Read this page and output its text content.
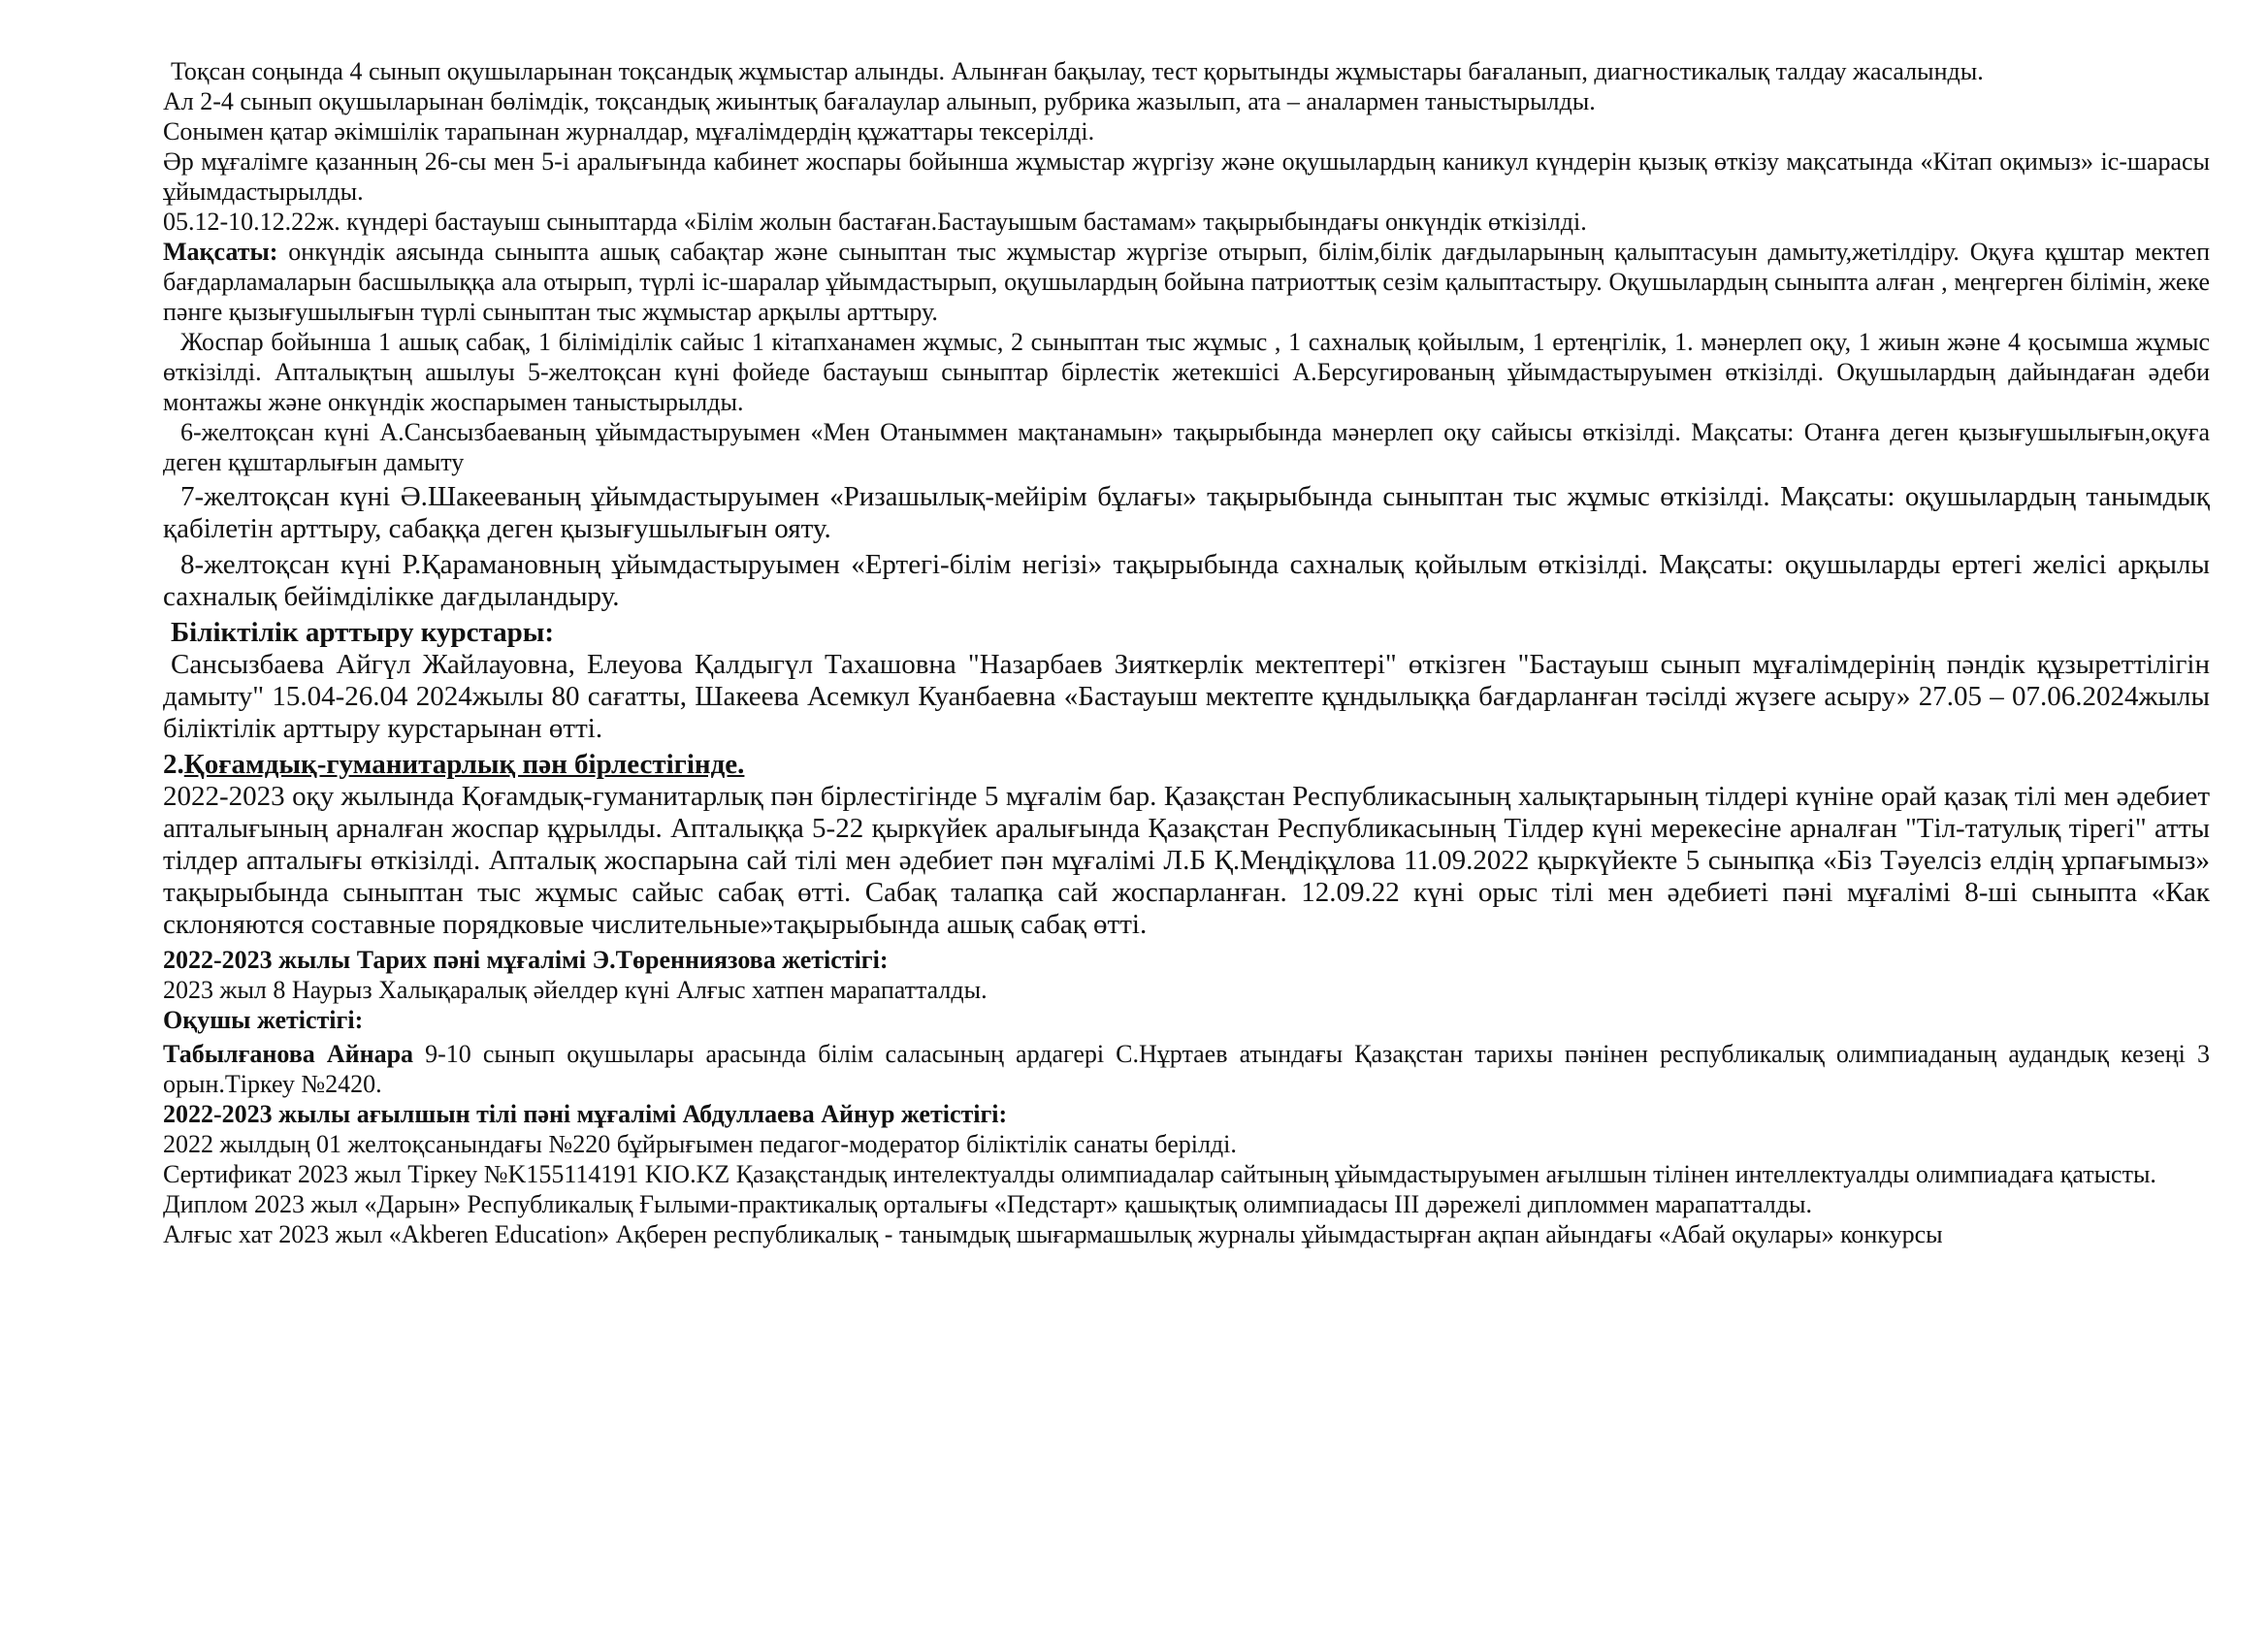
Тоқсан соңында 4 сынып оқушыларынан тоқсандық жұмыстар алынды. Алынған бақылау, тест қорытынды жұмыстары бағаланып, диагностикалық талдау жасалынды.

Ал 2-4 сынып оқушыларынан бөлімдік, тоқсандық жиынтық бағалаулар алынып, рубрика жазылып, ата – аналармен таныстырылды.

Сонымен қатар әкімшілік тарапынан журналдар, мұғалімдердің құжаттары тексерілді.

Әр мұғалімге қазанның 26-сы мен 5-і аралығында кабинет жоспары бойынша жұмыстар жүргізу және оқушылардың каникул күндерін қызық өткізу мақсатында «Кітап оқимыз» іс-шарасы ұйымдастырылды.

05.12-10.12.22ж. күндері бастауыш сыныптарда «Білім жолын бастаған.Бастауышым бастамам» тақырыбындағы онкүндік өткізілді.

Мақсаты: онкүндік аясында сыныпта ашық сабақтар және сыныптан тыс жұмыстар жүргізе отырып, білім,білік дағдыларының қалыптасуын дамыту,жетілдіру. Оқуға құштар мектеп бағдарламаларын басшылыққа ала отырып, түрлі іс-шаралар ұйымдастырып, оқушылардың бойына патриоттық сезім қалыптастыру. Оқушылардың сыныпта алған , меңгерген білімін, жеке пәнге қызығушылығын түрлі сыныптан тыс жұмыстар арқылы арттыру.

Жоспар бойынша 1 ашық сабақ, 1 біліміділік сайыс 1 кітапханамен жұмыс, 2 сыныптан тыс жұмыс , 1 сахналық қойылым, 1 ертеңгілік, 1. мәнерлеп оқу, 1 жиын және 4 қосымша жұмыс өткізілді. Апталықтың ашылуы 5-желтоқсан күні фойеде бастауыш сыныптар бірлестік жетекшісі А.Берсугированың ұйымдастыруымен өткізілді. Оқушылардың дайындаған әдеби монтажы және онкүндік жоспарымен таныстырылды.

6-желтоқсан күні А.Сансызбаеваның ұйымдастыруымен «Мен Отаныммен мақтанамын» тақырыбында мәнерлеп оқу сайысы өткізілді. Мақсаты: Отанға деген қызығушылығын,оқуға деген құштарлығын дамыту

7-желтоқсан күні Ә.Шакееваның ұйымдастыруымен «Ризашылық-мейірім бұлағы» тақырыбында сыныптан тыс жұмыс өткізілді. Мақсаты: оқушылардың танымдық қабілетін арттыру, сабаққа деген қызығушылығын ояту.

8-желтоқсан күні Р.Қарамановның ұйымдастыруымен «Ертегі-білім негізі» тақырыбында сахналық қойылым өткізілді. Мақсаты: оқушыларды ертегі желісі арқылы сахналық бейімділікке дағдыландыру.

Біліктілік арттыру курстары:

Сансызбаева Айгүл Жайлауовна, Елеуова Қалдыгүл Тахашовна "Назарбаев Зияткерлік мектептері" өткізген "Бастауыш сынып мұғалімдерінің пәндік құзыреттілігін дамыту" 15.04-26.04 2024жылы 80 сағатты, Шакеева Асемкул Куанбаевна «Бастауыш мектепте құндылыққа бағдарланған тәсілді жүзеге асыру» 27.05 – 07.06.2024жылы біліктілік арттыру курстарынан өтті.

2.Қоғамдық-гуманитарлық пән бірлестігінде.

2022-2023 оқу жылында Қоғамдық-гуманитарлық пән бірлестігінде 5 мұғалім бар. Қазақстан Республикасының халықтарының тілдері күніне орай қазақ тілі мен әдебиет апталығының арналған жоспар құрылды. Апталыққа 5-22 қыркүйек аралығында Қазақстан Республикасының Тілдер күні мерекесіне арналған "Тіл-татулық тірегі" атты тілдер апталығы өткізілді. Апталық жоспарына сай тілі мен әдебиет пән мұғалімі Л.Б Қ.Меңдіқұлова 11.09.2022 қыркүйекте 5 сыныпқа «Біз Тәуелсіз елдің ұрпағымыз» тақырыбында сыныптан тыс жұмыс сайыс сабақ өтті. Сабақ талапқа сай жоспарланған. 12.09.22 күні орыс тілі мен әдебиеті пәні мұғалімі 8-ші сыныпта «Как склоняются составные порядковые числительные»тақырыбында ашық сабақ өтті.

2022-2023 жылы Тарих пәні мұғалімі Э.Төренниязова жетістігі:

2023 жыл 8 Наурыз Халықаралық әйелдер күні Алғыс хатпен марапатталды.

Оқушы жетістігі:

Табылғанова Айнара 9-10 сынып оқушылары арасында білім саласының ардагері С.Нұртаев атындағы Қазақстан тарихы пәнінен республикалық олимпиаданың аудандық кезеңі 3 орын.Тіркеу №2420.

2022-2023 жылы ағылшын тілі пәні мұғалімі Абдуллаева Айнур жетістігі:

2022 жылдың 01 желтоқсанындағы №220 бұйрығымен педагог-модератор біліктілік санаты берілді.

Сертификат 2023 жыл Тіркеу №K155114191 KIO.KZ Қазақстандық интелектуалды олимпиадалар сайтының ұйымдастыруымен ағылшын тілінен интеллектуалды олимпиадаға қатысты.

Диплом 2023 жыл «Дарын» Республикалық Ғылыми-практикалық орталығы «Педстарт» қашықтық олимпиадасы ІІІ дәрежелі дипломмен марапатталды.

Алғыс хат 2023 жыл «Akberen Education» Ақберен республикалық - танымдық шығармашылық журналы ұйымдастырған ақпан айындағы «Абай оқулары» конкурсы
